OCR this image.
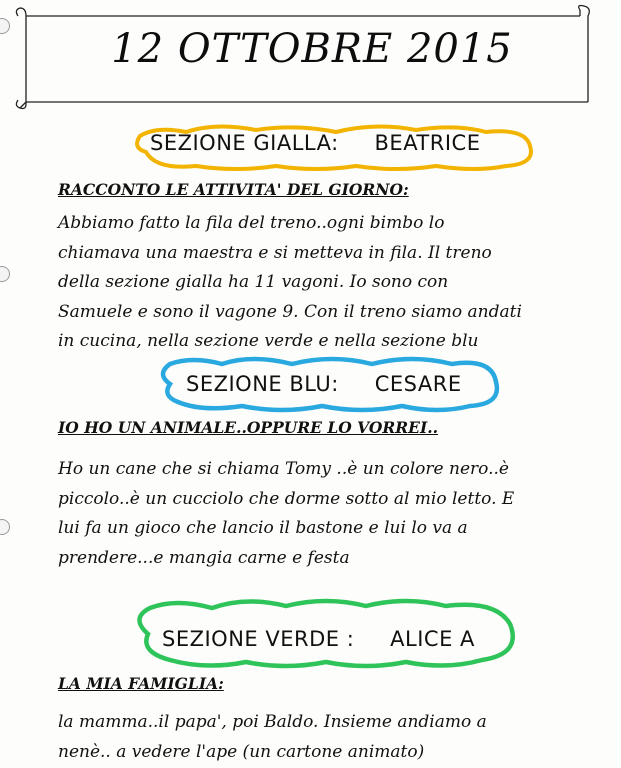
12 OTTOBRE 2015
SEZIONE GIALLA:     BEATRICE
RACCONTO LE ATTIVITA' DEL GIORNO:
Abbiamo fatto la fila del treno..ogni bimbo lo
chiamava una maestra e si metteva in fila. Il treno
della sezione gialla ha 11 vagoni. Io sono con
Samuele e sono il vagone 9. Con il treno siamo andati
in cucina, nella sezione verde e nella sezione blu
SEZIONE BLU:     CESARE
IO HO UN ANIMALE..OPPURE LO VORREI..
Ho un cane che si chiama Tomy ..è un colore nero..è
piccolo..è un cucciolo che dorme sotto al mio letto. E
lui fa un gioco che lancio il bastone e lui lo va a
prendere...e mangia carne e festa
SEZIONE VERDE :     ALICE A
LA MIA FAMIGLIA:
la mamma..il papa', poi Baldo. Insieme andiamo a
nenè.. a vedere l'ape (un cartone animato)
